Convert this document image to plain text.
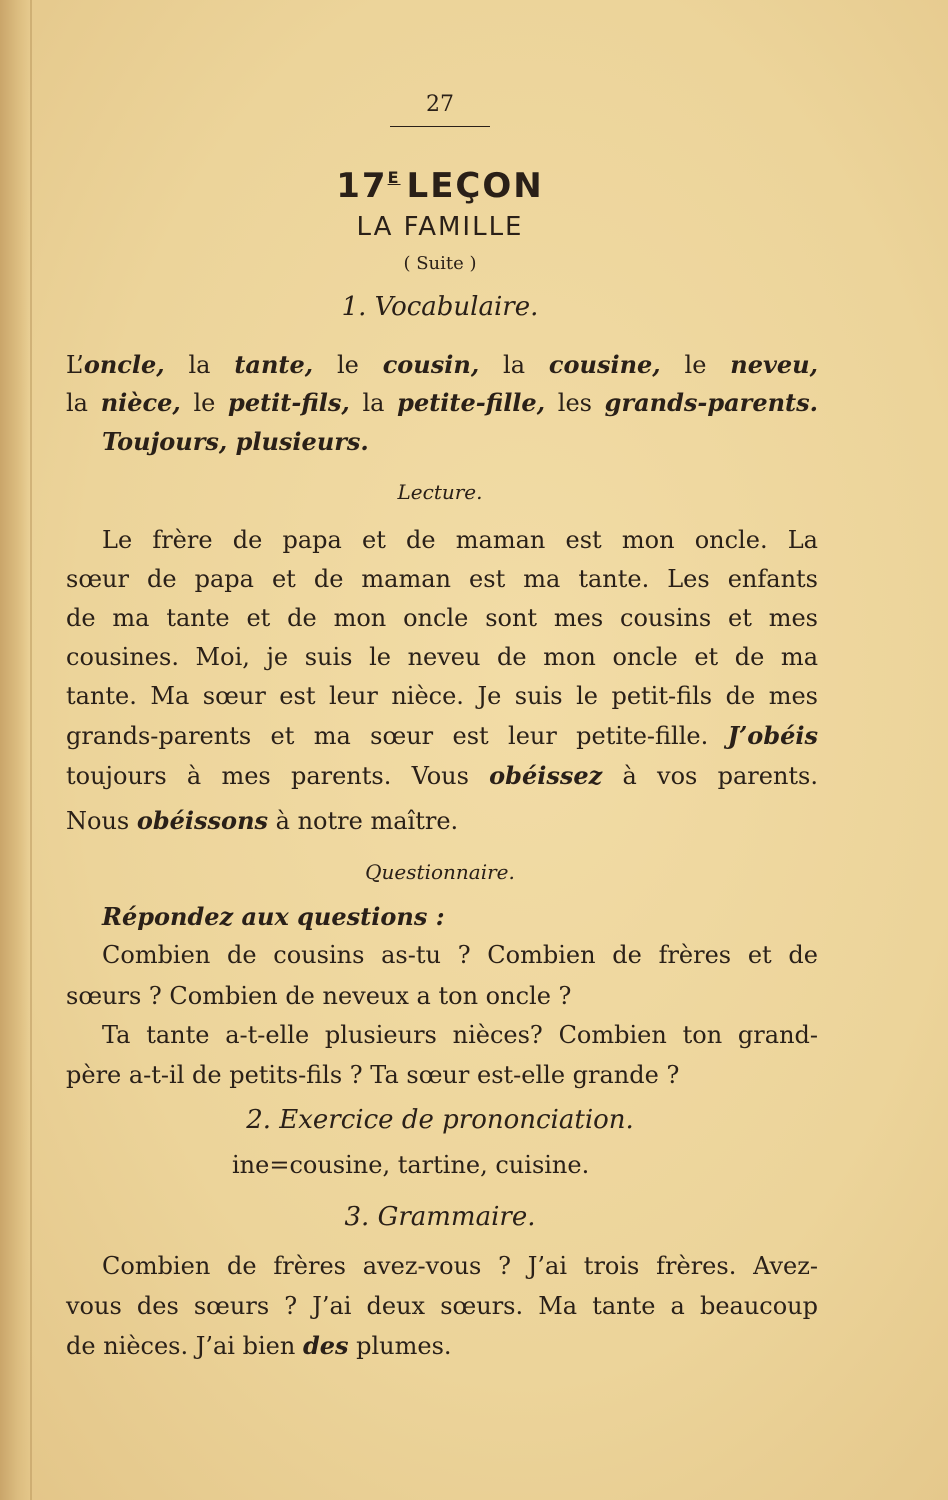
27
$17^E$ LEÇON
LA FAMILLE
( Suite )
1. Vocabulaire.
L’oncle, la tante, le cousin, la cousine, le neveu,
la nièce, le petit-fils, la petite-fille, les grands-parents.
Toujours, plusieurs.
Lecture.
Le frère de papa et de maman est mon oncle. La
sœur de papa et de maman est ma tante. Les enfants
de ma tante et de mon oncle sont mes cousins et mes
cousines. Moi, je suis le neveu de mon oncle et de ma
tante. Ma sœur est leur nièce. Je suis le petit-fils de mes
grands-parents et ma sœur est leur petite-fille. J’obéis
toujours à mes parents. Vous obéissez à vos parents.
Nous obéissons à notre maître.
Questionnaire.
Répondez aux questions :
Combien de cousins as-tu ? Combien de frères et de
sœurs ? Combien de neveux a ton oncle ?
Ta tante a-t-elle plusieurs nièces? Combien ton grand-
père a-t-il de petits-fils ? Ta sœur est-elle grande ?
2. Exercice de prononciation.
ine=cousine, tartine, cuisine.
3. Grammaire.
Combien de frères avez-vous ? J’ai trois frères. Avez-
vous des sœurs ? J’ai deux sœurs. Ma tante a beaucoup
de nièces. J’ai bien des plumes.
